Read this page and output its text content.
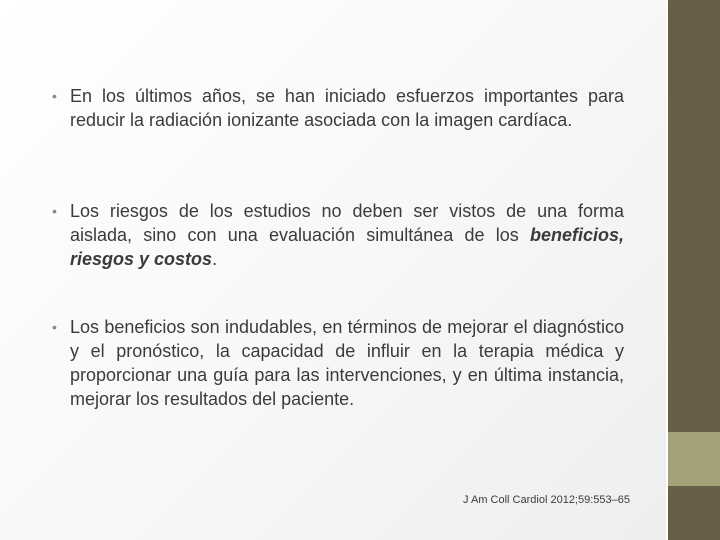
• En los últimos años, se han iniciado esfuerzos importantes para reducir la radiación ionizante asociada con la imagen cardíaca.
• Los riesgos de los estudios no deben ser vistos de una forma aislada, sino con una evaluación simultánea de los beneficios, riesgos y costos.
• Los beneficios son indudables, en términos de mejorar el diagnóstico y el pronóstico, la capacidad de influir en la terapia médica y proporcionar una guía para las intervenciones, y en última instancia, mejorar los resultados del paciente.
J Am Coll Cardiol 2012;59:553–65
